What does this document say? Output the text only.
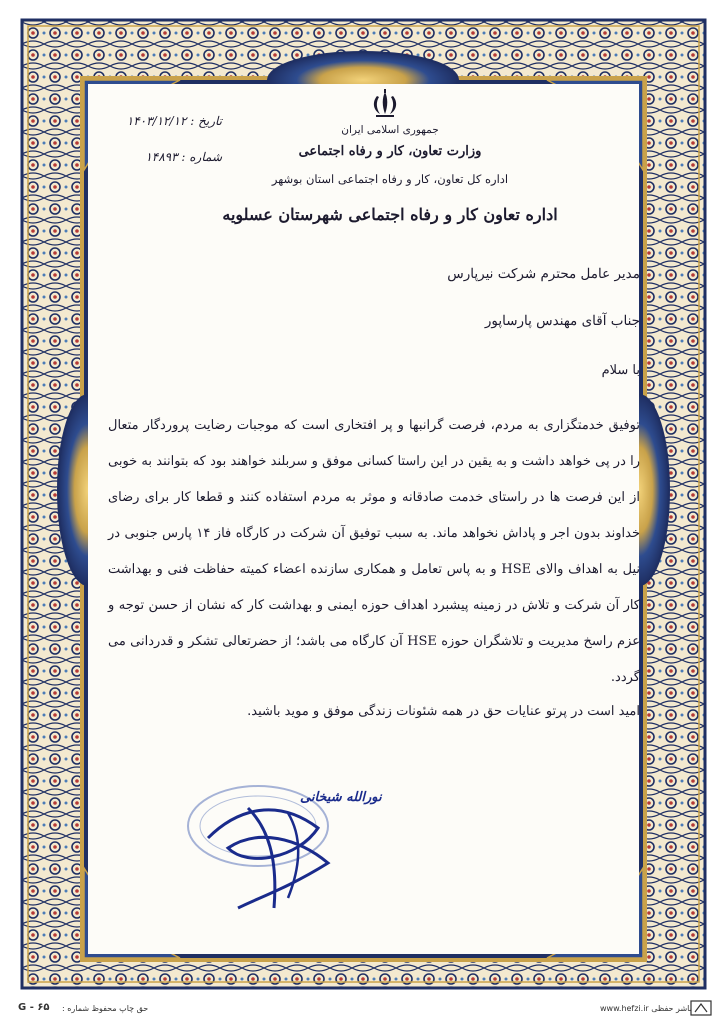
جمهوری اسلامی ایران
وزارت تعاون، کار و رفاه اجتماعی
اداره کل تعاون، کار و رفاه اجتماعی استان بوشهر
اداره تعاون کار و رفاه اجتماعی شهرستان عسلویه
تاریخ : ۱۴۰۳/۱۲/۱۲
شماره : ۱۴۸۹۳
مدیر عامل محترم شرکت نیرپارس
جناب آقای مهندس پارساپور
با سلام
توفیق خدمتگزاری به مردم، فرصت گرانبها و پر افتخاری است که موجبات رضایت پروردگار متعال را در پی خواهد داشت و به یقین در این راستا کسانی موفق و سربلند خواهند بود که بتوانند به خوبی از این فرصت ها در راستای خدمت صادقانه و موثر به مردم استفاده کنند و قطعا کار برای رضای خداوند بدون اجر و پاداش نخواهد ماند. به سبب توفیق آن شرکت در کارگاه فاز ۱۴ پارس جنوبی در نیل به اهداف والای HSE و به پاس تعامل و همکاری سازنده اعضاء کمیته حفاظت فنی و بهداشت کار آن شرکت و تلاش در زمینه پیشبرد اهداف حوزه ایمنی و بهداشت کار که نشان از حسن توجه و عزم راسخ مدیریت و تلاشگران حوزه HSE آن کارگاه می باشد؛ از حضرتعالی تشکر و قدردانی می گردد.
امید است در پرتو عنایات حق در همه شئونات زندگی موفق و موید باشید.
نورالله شیخانی
G - ۶۵ حق چاپ محفوظ شماره :	www.hefzi.ir ناشر حفظی
